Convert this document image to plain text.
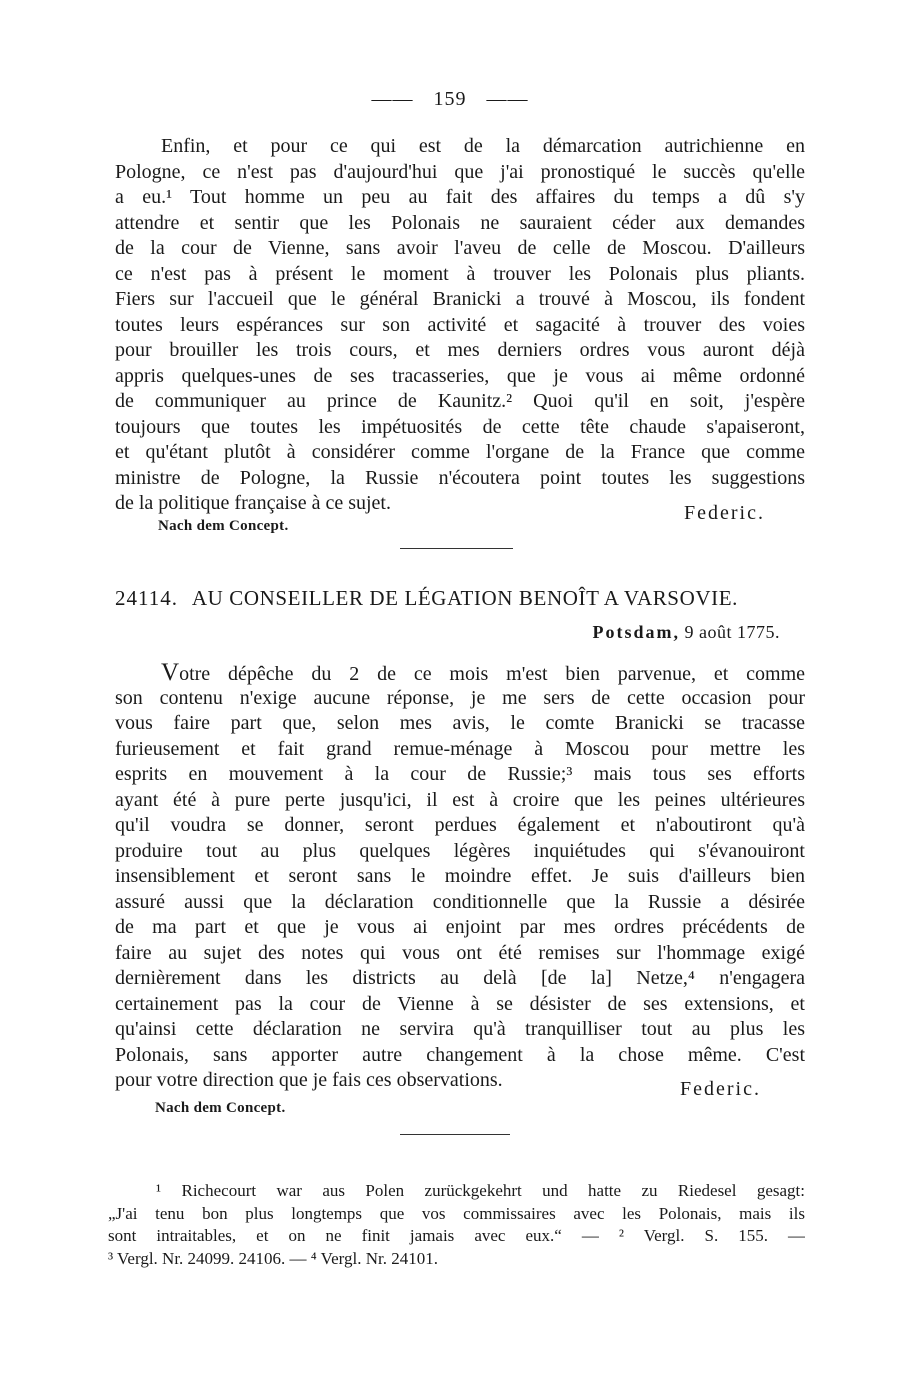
—— 159 ——
Enfin, et pour ce qui est de la démarcation autrichienne en
Pologne, ce n'est pas d'aujourd'hui que j'ai pronostiqué le succès qu'elle
a eu.¹ Tout homme un peu au fait des affaires du temps a dû s'y
attendre et sentir que les Polonais ne sauraient céder aux demandes
de la cour de Vienne, sans avoir l'aveu de celle de Moscou. D'ailleurs
ce n'est pas à présent le moment à trouver les Polonais plus pliants.
Fiers sur l'accueil que le général Branicki a trouvé à Moscou, ils fondent
toutes leurs espérances sur son activité et sagacité à trouver des voies
pour brouiller les trois cours, et mes derniers ordres vous auront déjà
appris quelques-unes de ses tracasseries, que je vous ai même ordonné
de communiquer au prince de Kaunitz.² Quoi qu'il en soit, j'espère
toujours que toutes les impétuosités de cette tête chaude s'apaiseront,
et qu'étant plutôt à considérer comme l'organe de la France que comme
ministre de Pologne, la Russie n'écoutera point toutes les suggestions
de la politique française à ce sujet.	Federic.
Nach dem Concept.
24114. AU CONSEILLER DE LÉGATION BENOÎT A VARSOVIE.
Potsdam, 9 août 1775.
Votre dépêche du 2 de ce mois m'est bien parvenue, et comme
son contenu n'exige aucune réponse, je me sers de cette occasion pour
vous faire part que, selon mes avis, le comte Branicki se tracasse
furieusement et fait grand remue-ménage à Moscou pour mettre les
esprits en mouvement à la cour de Russie;³ mais tous ses efforts
ayant été à pure perte jusqu'ici, il est à croire que les peines ultérieures
qu'il voudra se donner, seront perdues également et n'aboutiront qu'à
produire tout au plus quelques légères inquiétudes qui s'évanouiront
insensiblement et seront sans le moindre effet. Je suis d'ailleurs bien
assuré aussi que la déclaration conditionnelle que la Russie a désirée
de ma part et que je vous ai enjoint par mes ordres précédents de
faire au sujet des notes qui vous ont été remises sur l'hommage exigé
dernièrement dans les districts au delà [de la] Netze,⁴ n'engagera
certainement pas la cour de Vienne à se désister de ses extensions, et
qu'ainsi cette déclaration ne servira qu'à tranquilliser tout au plus les
Polonais, sans apporter autre changement à la chose même. C'est
pour votre direction que je fais ces observations.	Federic.
Nach dem Concept.
¹ Richecourt war aus Polen zurückgekehrt und hatte zu Riedesel gesagt:
„J'ai tenu bon plus longtemps que vos commissaires avec les Polonais, mais ils
sont intraitables, et on ne finit jamais avec eux.“ — ² Vergl. S. 155. —
³ Vergl. Nr. 24099. 24106. — ⁴ Vergl. Nr. 24101.
